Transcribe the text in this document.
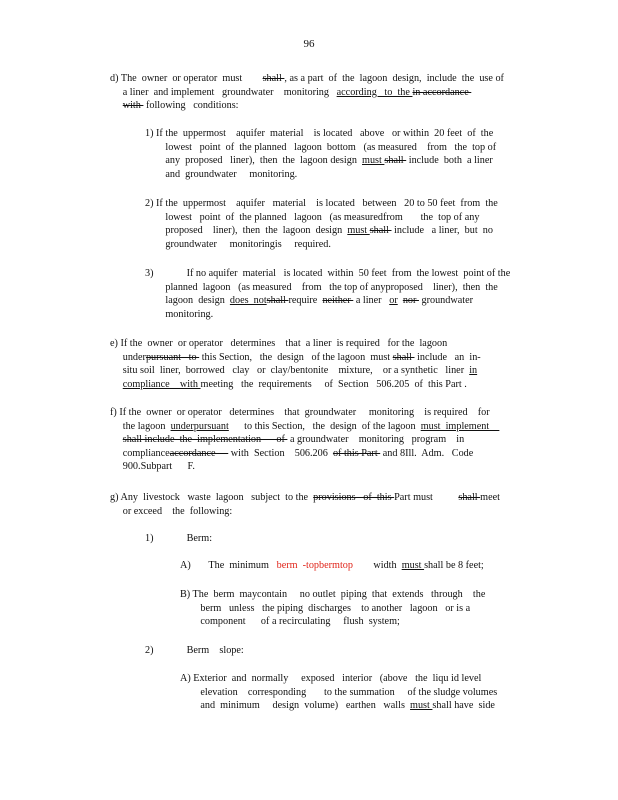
96
d) The  owner  or operator  must        shall , as a part  of  the  lagoon  design,  include  the  use of
a liner  and implement   groundwater    monitoring   according   to  the in accordance
with  following   conditions:
1) If the  uppermost    aquifer  material    is located   above   or within  20 feet  of  the
lowest   point  of  the planned   lagoon  bottom   (as measured    from   the  top of
any  proposed   liner),  then  the  lagoon design  must shall  include  both  a liner
and  groundwater     monitoring.
2) If the  uppermost    aquifer   material    is located   between   20 to 50 feet  from  the
lowest   point  of  the planned   lagoon   (as measuredfrom       the  top of any
proposed    liner),  then  the  lagoon  design  must shall  include   a liner,  but  no
groundwater     monitoringis     required.
3)             If no aquifer  material   is located  within  50 feet  from  the lowest  point of the
planned  lagoon   (as measured    from   the top of anyproposed    liner),  then  the
lagoon  design  does  notshall require  neither  a liner   or nor  groundwater
monitoring.
e) If the  owner  or operator   determines    that  a liner  is required   for the  lagoon
underpursuant   to  this Section,   the  design   of the lagoon  must shall  include   an  in-
situ soil  liner,  borrowed   clay   or  clay/bentonite    mixture,    or a synthetic   liner  in
compliance    with meeting   the  requirements     of  Section   506.205  of  this Part .
f) If the  owner  or operator   determines    that  groundwater     monitoring    is required    for
the lagoon  underpursuant      to this Section,   the  design  of the lagoon  must  implement
shall include  the  implementation      of  a groundwater    monitoring   program    in
complianceaccordance      with  Section    506.206  of this Part  and 8Ill.  Adm.   Code
900.Subpart      F.
g) Any  livestock   waste  lagoon   subject  to the  provisions   of  this Part must          shall meet
or exceed    the  following:
1)             Berm:
A)       The  minimum   berm  -topbermtop        width  must shall be 8 feet;
B) The  berm  maycontain     no outlet  piping  that  extends   through    the
berm   unless   the piping  discharges    to another   lagoon   or is a
component      of a recirculating     flush  system;
2)             Berm    slope:
A) Exterior  and  normally     exposed   interior   (above   the  liqu id level
elevation    corresponding       to the summation     of the sludge volumes
and  minimum     design  volume)   earthen   walls  must shall have  side
